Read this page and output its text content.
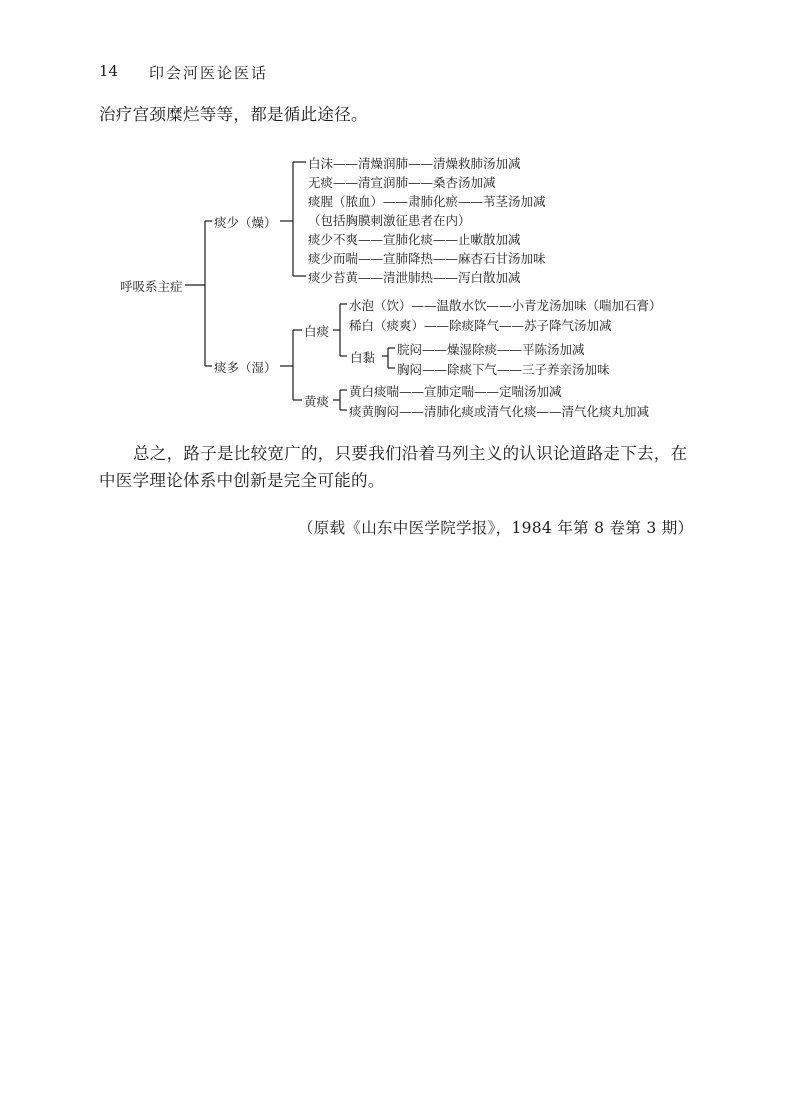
14 印会河医论医话
治疗宫颈糜烂等等，都是循此途径。
呼吸系主症
痰少（燥）
白沫——清燥润肺——清燥救肺汤加减
无痰——清宣润肺——桑杏汤加减
痰腥（脓血）——肃肺化瘀——苇茎汤加减
（包括胸膜刺激征患者在内）
痰少不爽——宣肺化痰——止嗽散加减
痰少而喘——宣肺降热——麻杏石甘汤加味
痰少苔黄——清泄肺热——泻白散加减
痰多（湿）
白痰
水泡（饮）——温散水饮——小青龙汤加味（喘加石膏）
稀白（痰爽）——除痰降气——苏子降气汤加减
白黏
脘闷——燥湿除痰——平陈汤加减
胸闷——除痰下气——三子养亲汤加味
黄痰
黄白痰喘——宣肺定喘——定喘汤加减
痰黄胸闷——清肺化痰或清气化痰——清气化痰丸加减
总之，路子是比较宽广的，只要我们沿着马列主义的认识论道路走下去，在
中医学理论体系中创新是完全可能的。
（原载《山东中医学院学报》，1984 年第 8 卷第 3 期）
